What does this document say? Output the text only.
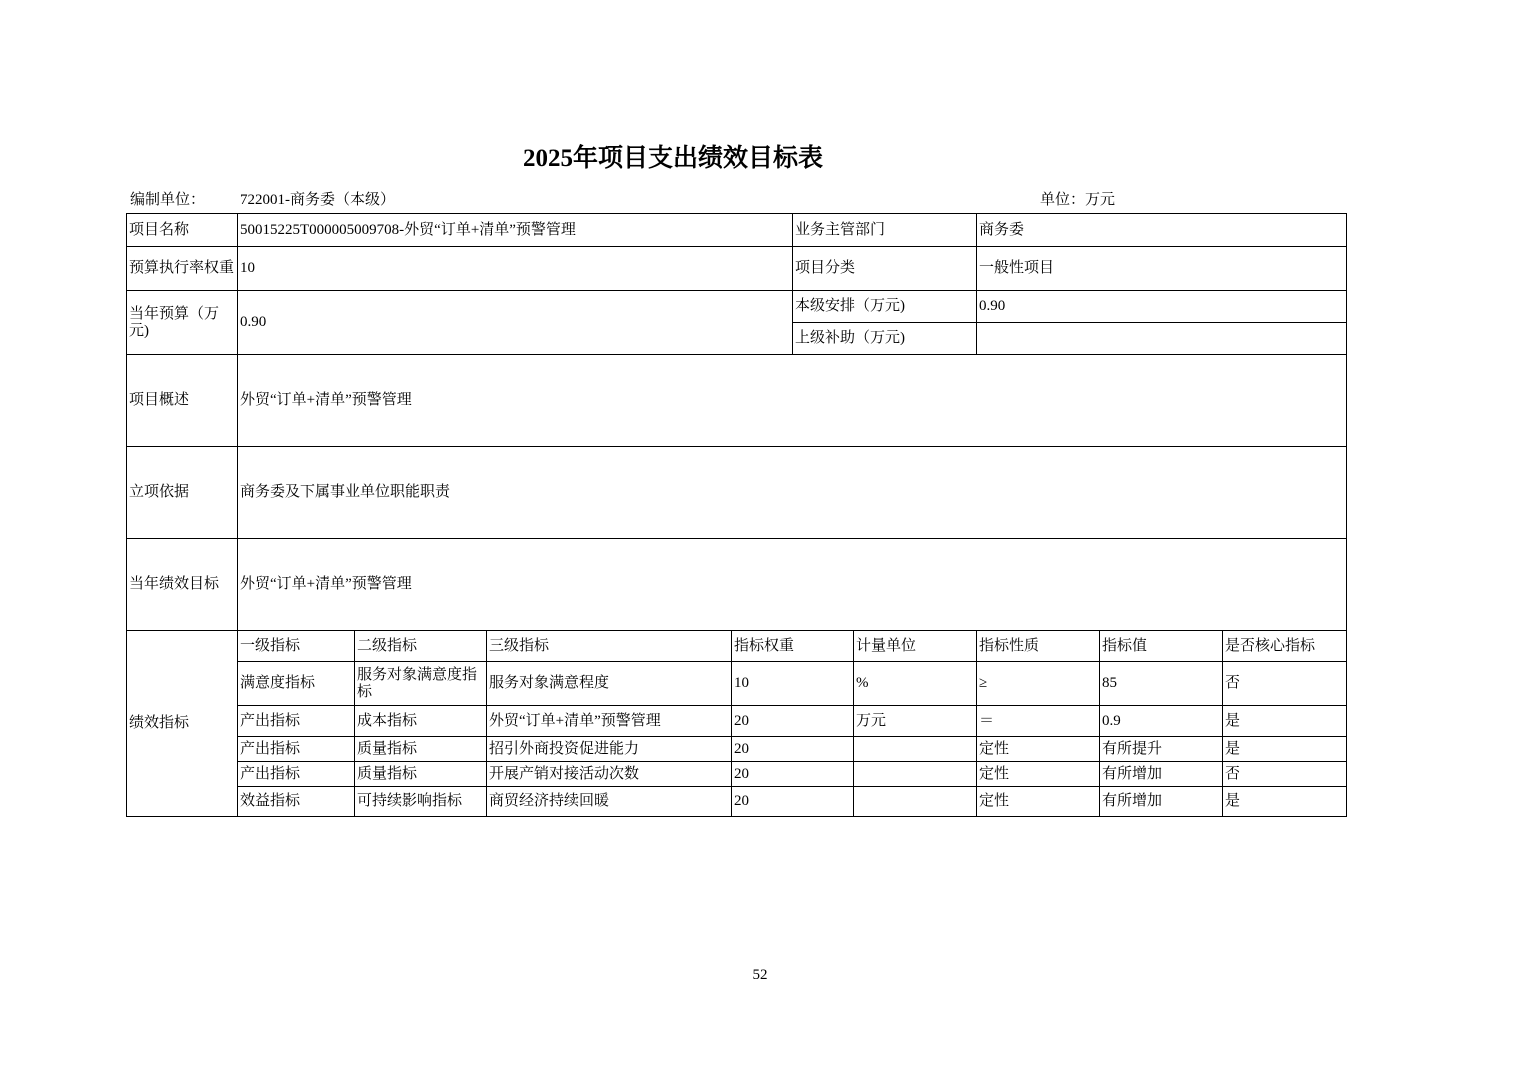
2025年项目支出绩效目标表
编制单位： 722001-商务委（本级）	单位：万元
项目名称	50015225T000005009708-外贸“订单+清单”预警管理				业务主管部门		商务委		
预算执行率权重	10				项目分类		一般性项目		
当年预算（万元)	0.90				本级安排（万元)		0.90		
					上级补助（万元)				
项目概述	外贸“订单+清单”预警管理								
立项依据	商务委及下属事业单位职能职责								
当年绩效目标	外贸“订单+清单”预警管理								
绩效指标	一级指标	二级指标	三级指标	指标权重		计量单位	指标性质	指标值	是否核心指标
	满意度指标	服务对象满意度指标	服务对象满意程度	10		%	≥	85	否
	产出指标	成本指标	外贸“订单+清单”预警管理	20		万元	＝	0.9	是
	产出指标	质量指标	招引外商投资促进能力	20			定性	有所提升	是
	产出指标	质量指标	开展产销对接活动次数	20			定性	有所增加	否
	效益指标	可持续影响指标	商贸经济持续回暖	20			定性	有所增加	是
52
